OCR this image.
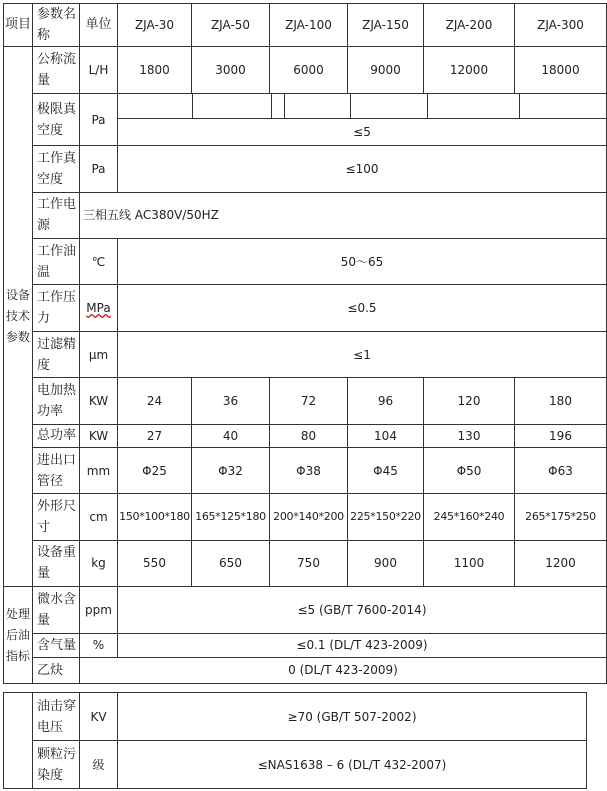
项目	参数名称	单位	ZJA-30	ZJA-50	ZJA-100	ZJA-150	ZJA-200	ZJA-300
设备技术参数	公称流量	L/H	1800	3000	6000	9000	12000	18000
	极限真空度	Pa	≤5					

	工作真空度	Pa	≤100					
	工作电源	三相五线 AC380V/50HZ						
	工作油温	℃	50～65					
	工作压力	MPa	≤0.5					
	过滤精度	μm	≤1					
	电加热功率	KW	24	36	72	96	120	180
	总功率	KW	27	40	80	104	130	196
	进出口管径	mm	Φ25	Φ32	Φ38	Φ45	Φ50	Φ63
	外形尺寸	cm	150*100*180	165*125*180	200*140*200	225*150*220	245*160*240	265*175*250
	设备重量	kg	550	650	750	900	1100	1200
处理后油指标	微水含量	ppm	≤5 (GB/T 7600-2014)					
	含气量	%	≤0.1 (DL/T 423-2009)					
	乙炔	0 (DL/T 423-2009)						
	油击穿电压	KV	≥70 (GB/T 507-2002)
	颗粒污染度	级	≤NAS1638 – 6 (DL/T 432-2007)
